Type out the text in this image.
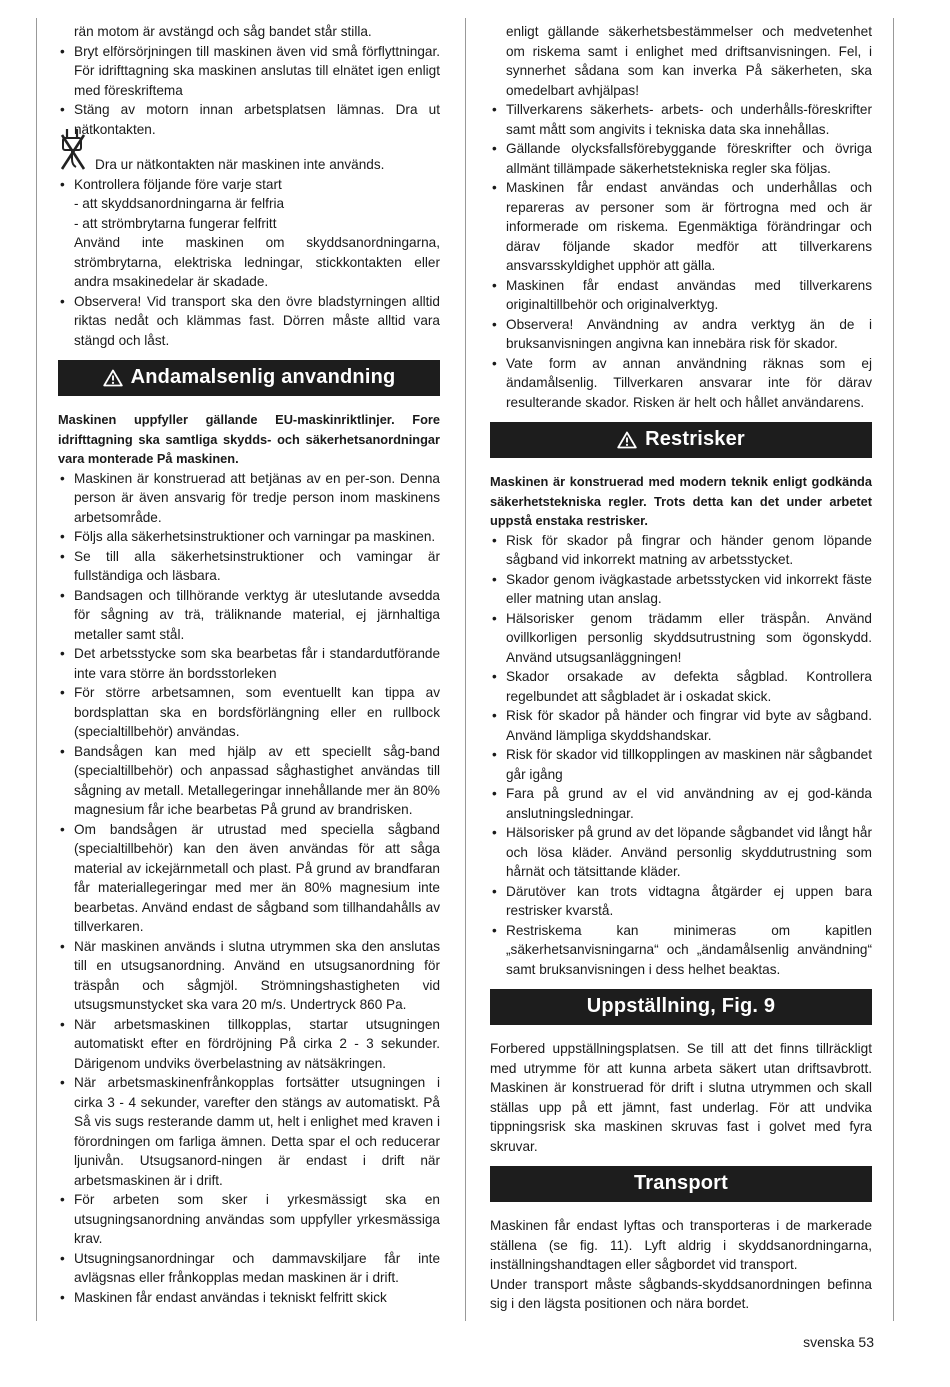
rän motom är avstängd och såg bandet står stilla.
• Bryt elförsörjningen till maskinen även vid små förflyttningar. För idrifttagning ska maskinen anslutas till elnätet igen enligt med föreskriftema
• Stäng av motorn innan arbetsplatsen lämnas. Dra ut nätkontakten.
Dra ur nätkontakten när maskinen inte används.
• Kontrollera följande före varje start
- att skyddsanordningarna är felfria
- att strömbrytarna fungerar felfritt
Använd inte maskinen om skyddsanordningarna, strömbrytarna, elektriska ledningar, stickkontakten eller andra msakinedelar är skadade.
• Observera! Vid transport ska den övre bladstyrningen alltid riktas nedåt och klämmas fast. Dörren måste alltid vara stängd och låst.
Andamalsenlig anvandning
Maskinen uppfyller gällande EU-maskinriktlinjer. Fore idrifttagning ska samtliga skydds- och säkerhetsanordningar vara monterade På maskinen.
• Maskinen är konstruerad att betjänas av en per-son. Denna person är även ansvarig för tredje person inom maskinens arbetsområde.
• Följs alla säkerhetsinstruktioner och varningar pa maskinen.
• Se till alla säkerhetsinstruktioner och vamingar är fullständiga och läsbara.
• Bandsagen och tillhörande verktyg är uteslutande avsedda för sågning av trä, träliknande material, ej järnhaltiga metaller samt stål.
• Det arbetsstycke som ska bearbetas får i standardutförande inte vara större än bordsstorleken
• För större arbetsamnen, som eventuellt kan tippa av bordsplattan ska en bordsförlängning eller en rullbock (specialtillbehör) användas.
• Bandsågen kan med hjälp av ett speciellt såg-band (specialtillbehör) och anpassad såghastighet användas till sågning av metall. Metallegeringar innehållande mer än 80% magnesium får iche bearbetas På grund av brandrisken.
• Om bandsågen är utrustad med speciella sågband (specialtillbehör) kan den även användas för att såga material av ickejärnmetall och plast. På grund av brandfaran får materiallegeringar med mer än 80% magnesium inte bearbetas. Använd endast de sågband som tillhandahålls av tillverkaren.
• När maskinen används i slutna utrymmen ska den anslutas till en utsugsanordning. Använd en utsugsanordning för träspån och sågmjöl. Strömningshastigheten vid utsugsmunstycket ska vara 20 m/s. Undertryck 860 Pa.
• När arbetsmaskinen tillkopplas, startar utsugningen automatiskt efter en fördröjning På cirka 2 - 3 sekunder. Därigenom undviks överbelastning av nätsäkringen.
• När arbetsmaskinenfrånkopplas fortsätter utsugningen i cirka 3 - 4 sekunder, varefter den stängs av automatiskt. På Så vis sugs resterande damm ut, helt i enlighet med kraven i förordningen om farliga ämnen. Detta spar el och reducerar ljunivån. Utsugsanord-ningen är endast i drift när arbetsmaskinen är i drift.
• För arbeten som sker i yrkesmässigt ska en utsugningsanordning användas som uppfyller yrkesmässiga krav.
• Utsugningsanordningar och dammavskiljare får inte avlägsnas eller frånkopplas medan maskinen är i drift.
• Maskinen får endast användas i tekniskt felfritt skick
enligt gällande säkerhetsbestämmelser och medvetenhet om riskema samt i enlighet med driftsanvisningen. Fel, i synnerhet sådana som kan inverka På säkerheten, ska omedelbart avhjälpas!
• Tillverkarens säkerhets- arbets- och underhålls-föreskrifter samt mått som angivits i tekniska data ska innehållas.
• Gällande olycksfallsförebyggande föreskrifter och övriga allmänt tillämpade säkerhetstekniska regler ska följas.
• Maskinen får endast användas och underhållas och repareras av personer som är förtrogna med och är informerade om riskema. Egenmäktiga förändringar och därav följande skador medför att tillverkarens ansvarsskyldighet upphör att gälla.
• Maskinen får endast användas med tillverkarens originaltillbehör och originalverktyg.
• Observera! Användning av andra verktyg än de i bruksanvisningen angivna kan innebära risk för skador.
• Vate form av annan användning räknas som ej ändamålsenlig. Tillverkaren ansvarar inte för därav resulterande skador. Risken är helt och hållet användarens.
Restrisker
Maskinen är konstruerad med modern teknik enligt godkända säkerhetstekniska regler. Trots detta kan det under arbetet uppstå enstaka restrisker.
• Risk för skador på fingrar och händer genom löpande sågband vid inkorrekt matning av arbetsstycket.
• Skador genom ivägkastade arbetsstycken vid inkorrekt fäste eller matning utan anslag.
• Hälsorisker genom trädamm eller träspån. Använd ovillkorligen personlig skyddsutrustning som ögonskydd. Använd utsugsanläggningen!
• Skador orsakade av defekta sågblad. Kontrollera regelbundet att sågbladet är i oskadat skick.
• Risk för skador på händer och fingrar vid byte av sågband. Använd lämpliga skyddshandskar.
• Risk för skador vid tillkopplingen av maskinen när sågbandet går igång
• Fara på grund av el vid användning av ej god-kända anslutningsledningar.
• Hälsorisker på grund av det löpande sågbandet vid långt hår och lösa kläder. Använd personlig skyddutrustning som hårnät och tätsittande kläder.
• Därutöver kan trots vidtagna åtgärder ej uppen bara restrisker kvarstå.
• Restriskema kan minimeras om kapitlen „säkerhetsanvisningarna“ och „ändamålsenlig användning“ samt bruksanvisningen i dess helhet beaktas.
Uppställning, Fig. 9
Forbered uppställningsplatsen. Se till att det finns tillräckligt med utrymme för att kunna arbeta säkert utan driftsavbrott. Maskinen är konstruerad för drift i slutna utrymmen och skall ställas upp på ett jämnt, fast underlag. För att undvika tippningsrisk ska maskinen skruvas fast i golvet med fyra skruvar.
Transport
Maskinen får endast lyftas och transporteras i de markerade ställena (se fig. 11). Lyft aldrig i skyddsanordningarna, inställningshandtagen eller sågbordet vid transport.
Under transport måste sågbands-skyddsanordningen befinna sig i den lägsta positionen och nära bordet.
svenska 53
